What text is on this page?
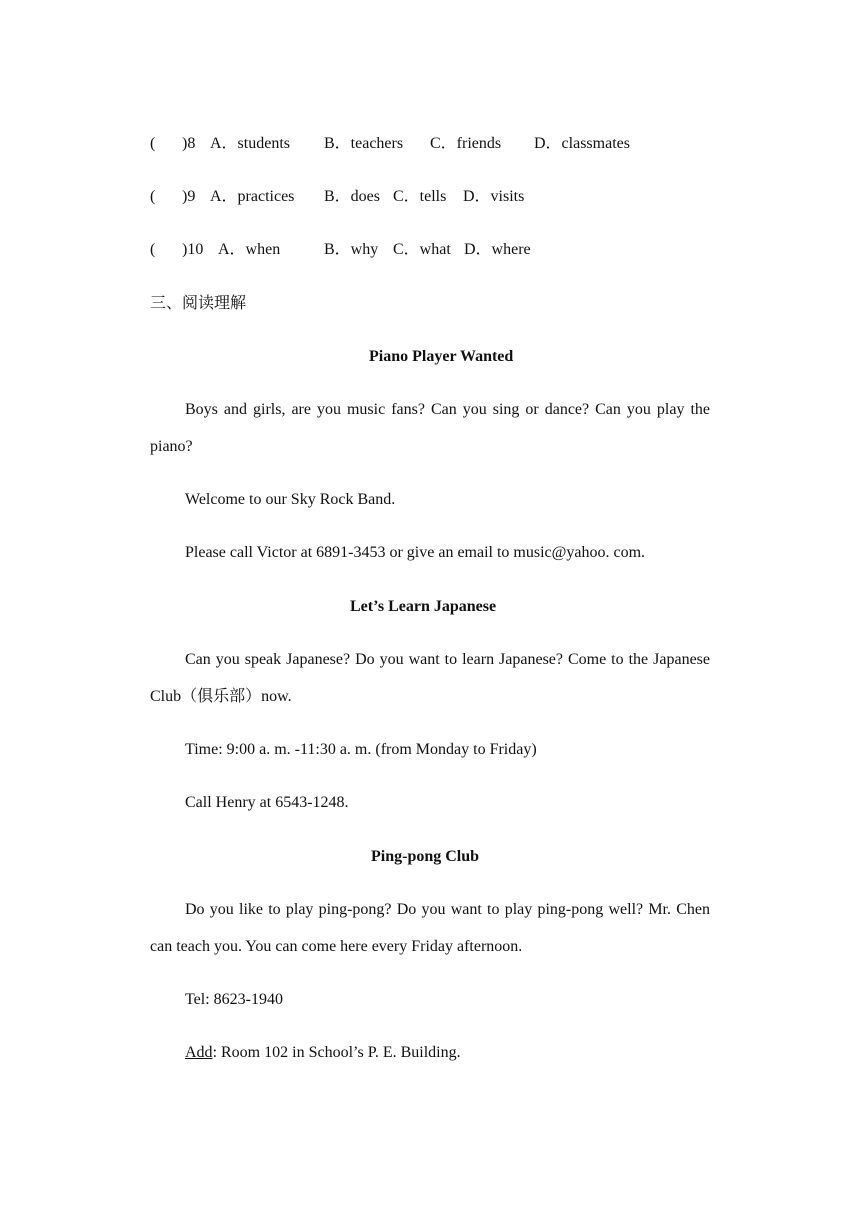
( )8 A．students B．teachers C．friends D．classmates
( )9 A．practices B．does C．tells D．visits
( )10 A．when	B．why C．what D．where
三、阅读理解
Piano Player Wanted
Boys and girls, are you music fans? Can you sing or dance? Can you play the piano?
Welcome to our Sky Rock Band.
Please call Victor at 6891-3453 or give an email to music@yahoo. com.
Let’s Learn Japanese
Can you speak Japanese? Do you want to learn Japanese? Come to the Japanese Club（俱乐部）now.
Time: 9:00 a. m. -11:30 a. m. (from Monday to Friday)
Call Henry at 6543-1248.
Ping-pong Club
Do you like to play ping-pong? Do you want to play ping-pong well? Mr. Chen can teach you. You can come here every Friday afternoon.
Tel: 8623-1940
Add: Room 102 in School’s P. E. Building.
